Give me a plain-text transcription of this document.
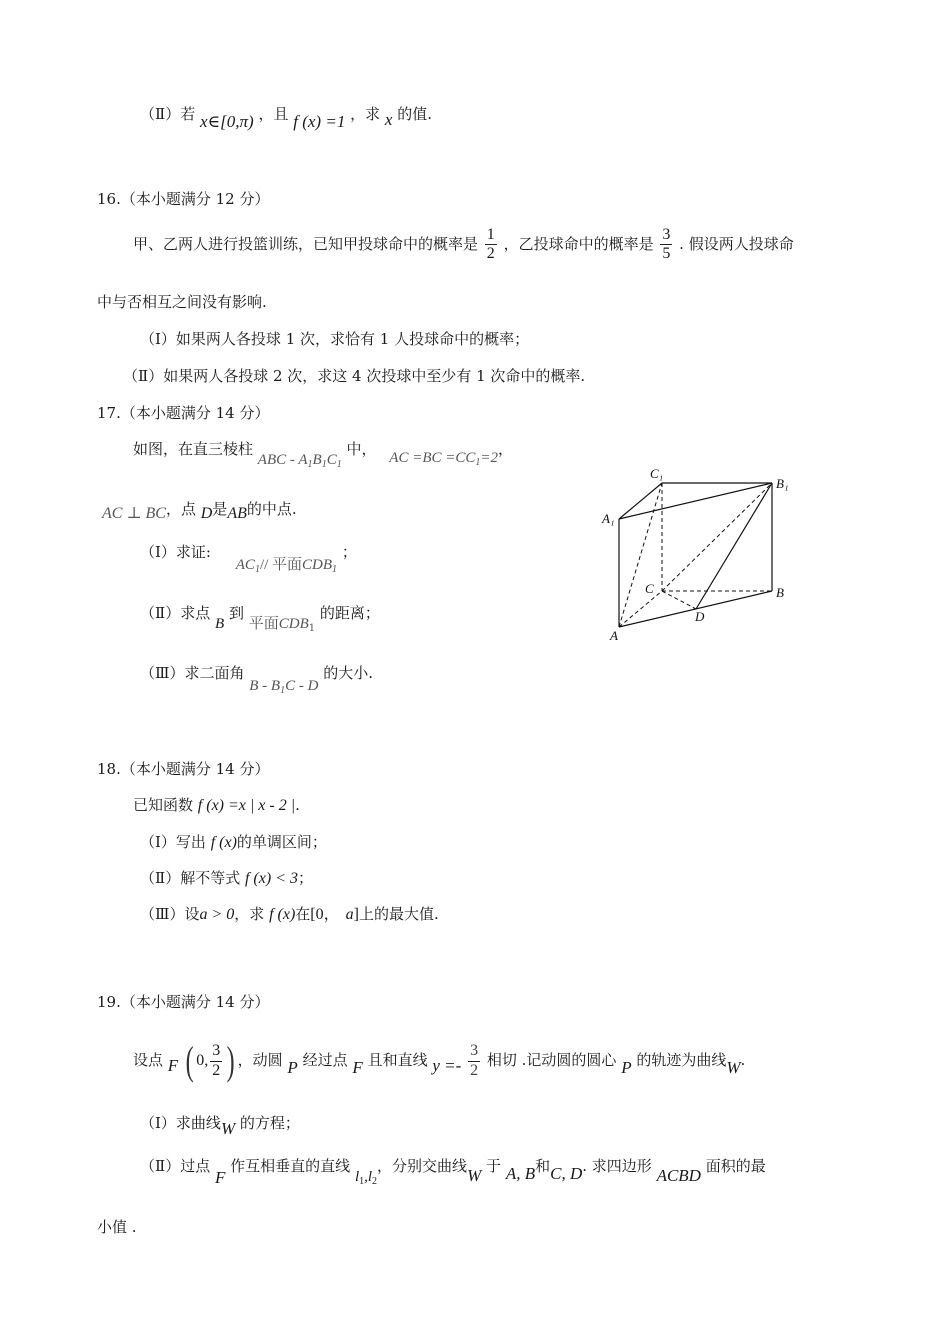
（Ⅱ）若 x∈[0,π) ，且 f (x) =1 ，求 x 的值.
16.（本小题满分 12 分）
甲、乙两人进行投篮训练，已知甲投球命中的概率是 $\frac{1}{2}$ ，乙投球命中的概率是 $\frac{3}{5}$ . 假设两人投球命
中与否相互之间没有影响.
（Ⅰ）如果两人各投球 1 次，求恰有 1 人投球命中的概率；
（Ⅱ）如果两人各投球 2 次，求这 4 次投球中至少有 1 次命中的概率.
17.（本小题满分 14 分）
如图，在直三棱柱 ABC - $A_1B_1C_1$ 中， AC $=BC =CC_1=2$，
AC ⊥ BC，点 D是AB的中点.
（Ⅰ）求证: $AC_1//$ 平面$CDB_1$ ；
（Ⅱ）求点 B 到 平面$CDB_1$ 的距离；
（Ⅲ）求二面角 B - $B_1C$ - D 的大小.
C₁
B₁
A₁
C	B
D
A
18.（本小题满分 14 分）
已知函数 f (x) =x | x - 2 |.
（Ⅰ）写出 f (x)的单调区间；
（Ⅱ）解不等式 f (x) < 3；
（Ⅲ）设a > 0，求 f (x)在[0， a]上的最大值.
19.（本小题满分 14 分）
设点 F ( 0, $\frac{3}{2}$ ) ，动圆 P 经过点 F 且和直线 $y =- \frac{3}{2}$ 相切 .记动圆的圆心 P 的轨迹为曲线W.
（Ⅰ）求曲线W 的方程；
（Ⅱ）过点 F 作互相垂直的直线 $l_1,l_2$，分别交曲线W 于 A, B和C, D. 求四边形 ACBD 面积的最
小值 .
